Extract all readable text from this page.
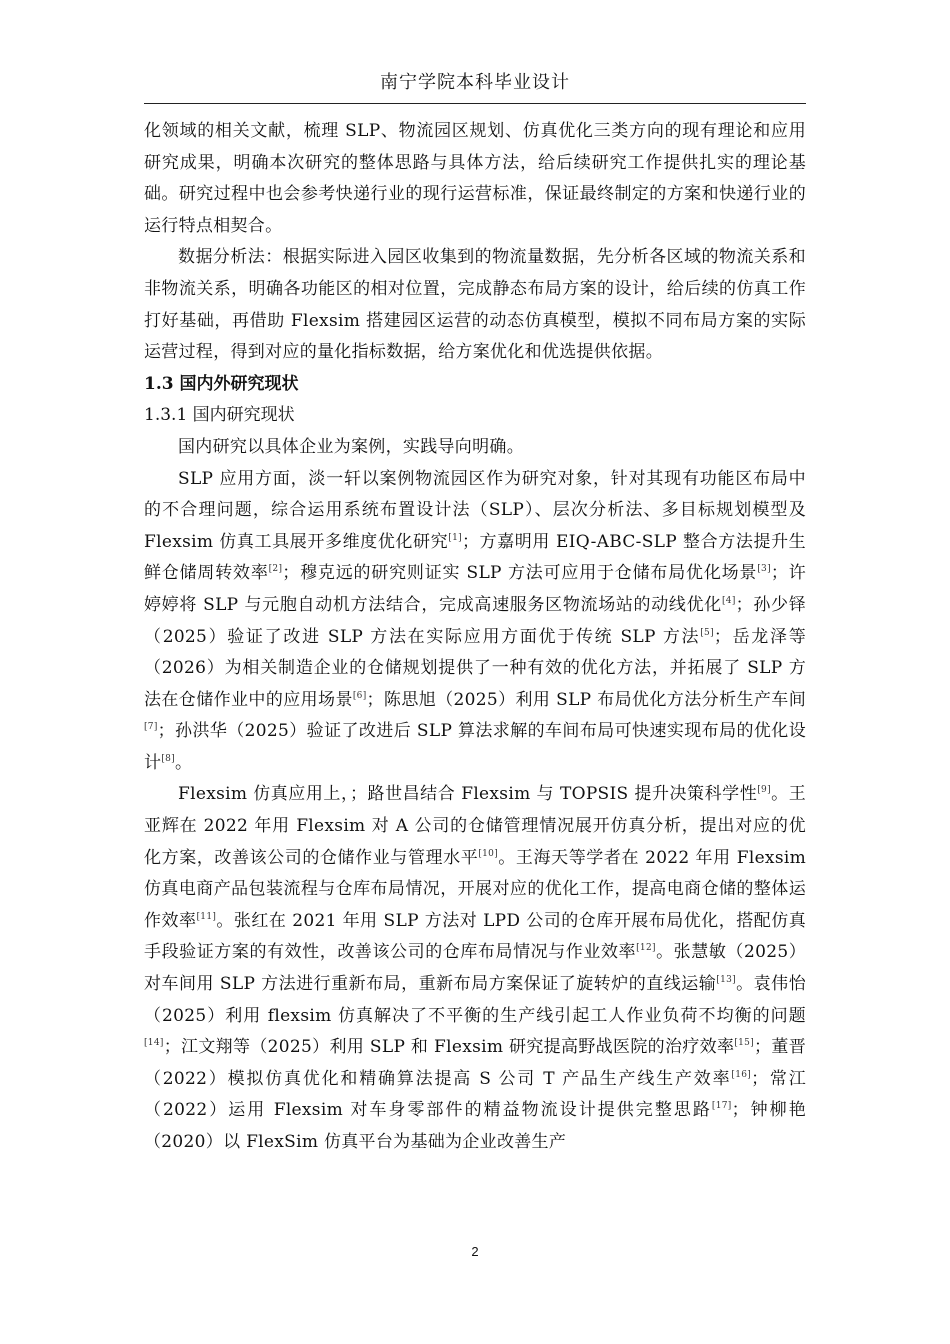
南宁学院本科毕业设计

化领域的相关文献，梳理 SLP、物流园区规划、仿真优化三类方向的现有理论和应用研究成果，明确本次研究的整体思路与具体方法，给后续研究工作提供扎实的理论基础。研究过程中也会参考快递行业的现行运营标准，保证最终制定的方案和快递行业的运行特点相契合。

数据分析法：根据实际进入园区收集到的物流量数据，先分析各区域的物流关系和非物流关系，明确各功能区的相对位置，完成静态布局方案的设计，给后续的仿真工作打好基础，再借助 Flexsim 搭建园区运营的动态仿真模型，模拟不同布局方案的实际运营过程，得到对应的量化指标数据，给方案优化和优选提供依据。

1.3 国内外研究现状
1.3.1 国内研究现状

国内研究以具体企业为案例，实践导向明确。

SLP 应用方面，淡一轩以案例物流园区作为研究对象，针对其现有功能区布局中的不合理问题，综合运用系统布置设计法（SLP）、层次分析法、多目标规划模型及 Flexsim 仿真工具展开多维度优化研究[1]；方嘉明用 EIQ-ABC-SLP 整合方法提升生鲜仓储周转效率[2]；穆克远的研究则证实 SLP 方法可应用于仓储布局优化场景[3]；许婷婷将 SLP 与元胞自动机方法结合，完成高速服务区物流场站的动线优化[4]；孙少铎（2025）验证了改进 SLP 方法在实际应用方面优于传统 SLP 方法[5]；岳龙泽等（2026）为相关制造企业的仓储规划提供了一种有效的优化方法，并拓展了 SLP 方法在仓储作业中的应用场景[6]；陈思旭（2025）利用 SLP 布局优化方法分析生产车间[7]；孙洪华（2025）验证了改进后 SLP 算法求解的车间布局可快速实现布局的优化设计[8]。

Flexsim 仿真应用上，；路世昌结合 Flexsim 与 TOPSIS 提升决策科学性[9]。王亚辉在 2022 年用 Flexsim 对 A 公司的仓储管理情况展开仿真分析，提出对应的优化方案，改善该公司的仓储作业与管理水平[10]。王海天等学者在 2022 年用 Flexsim 仿真电商产品包装流程与仓库布局情况，开展对应的优化工作，提高电商仓储的整体运作效率[11]。张红在 2021 年用 SLP 方法对 LPD 公司的仓库开展布局优化，搭配仿真手段验证方案的有效性，改善该公司的仓库布局情况与作业效率[12]。张慧敏（2025）对车间用 SLP 方法进行重新布局，重新布局方案保证了旋转炉的直线运输[13]。袁伟怡（2025）利用 flexsim 仿真解决了不平衡的生产线引起工人作业负荷不均衡的问题[14]；江文翔等（2025）利用 SLP 和 Flexsim 研究提高野战医院的治疗效率[15]；董晋（2022）模拟仿真优化和精确算法提高 S 公司 T 产品生产线生产效率[16]；常江（2022）运用 Flexsim 对车身零部件的精益物流设计提供完整思路[17]；钟柳艳（2020）以 FlexSim 仿真平台为基础为企业改善生产

2
